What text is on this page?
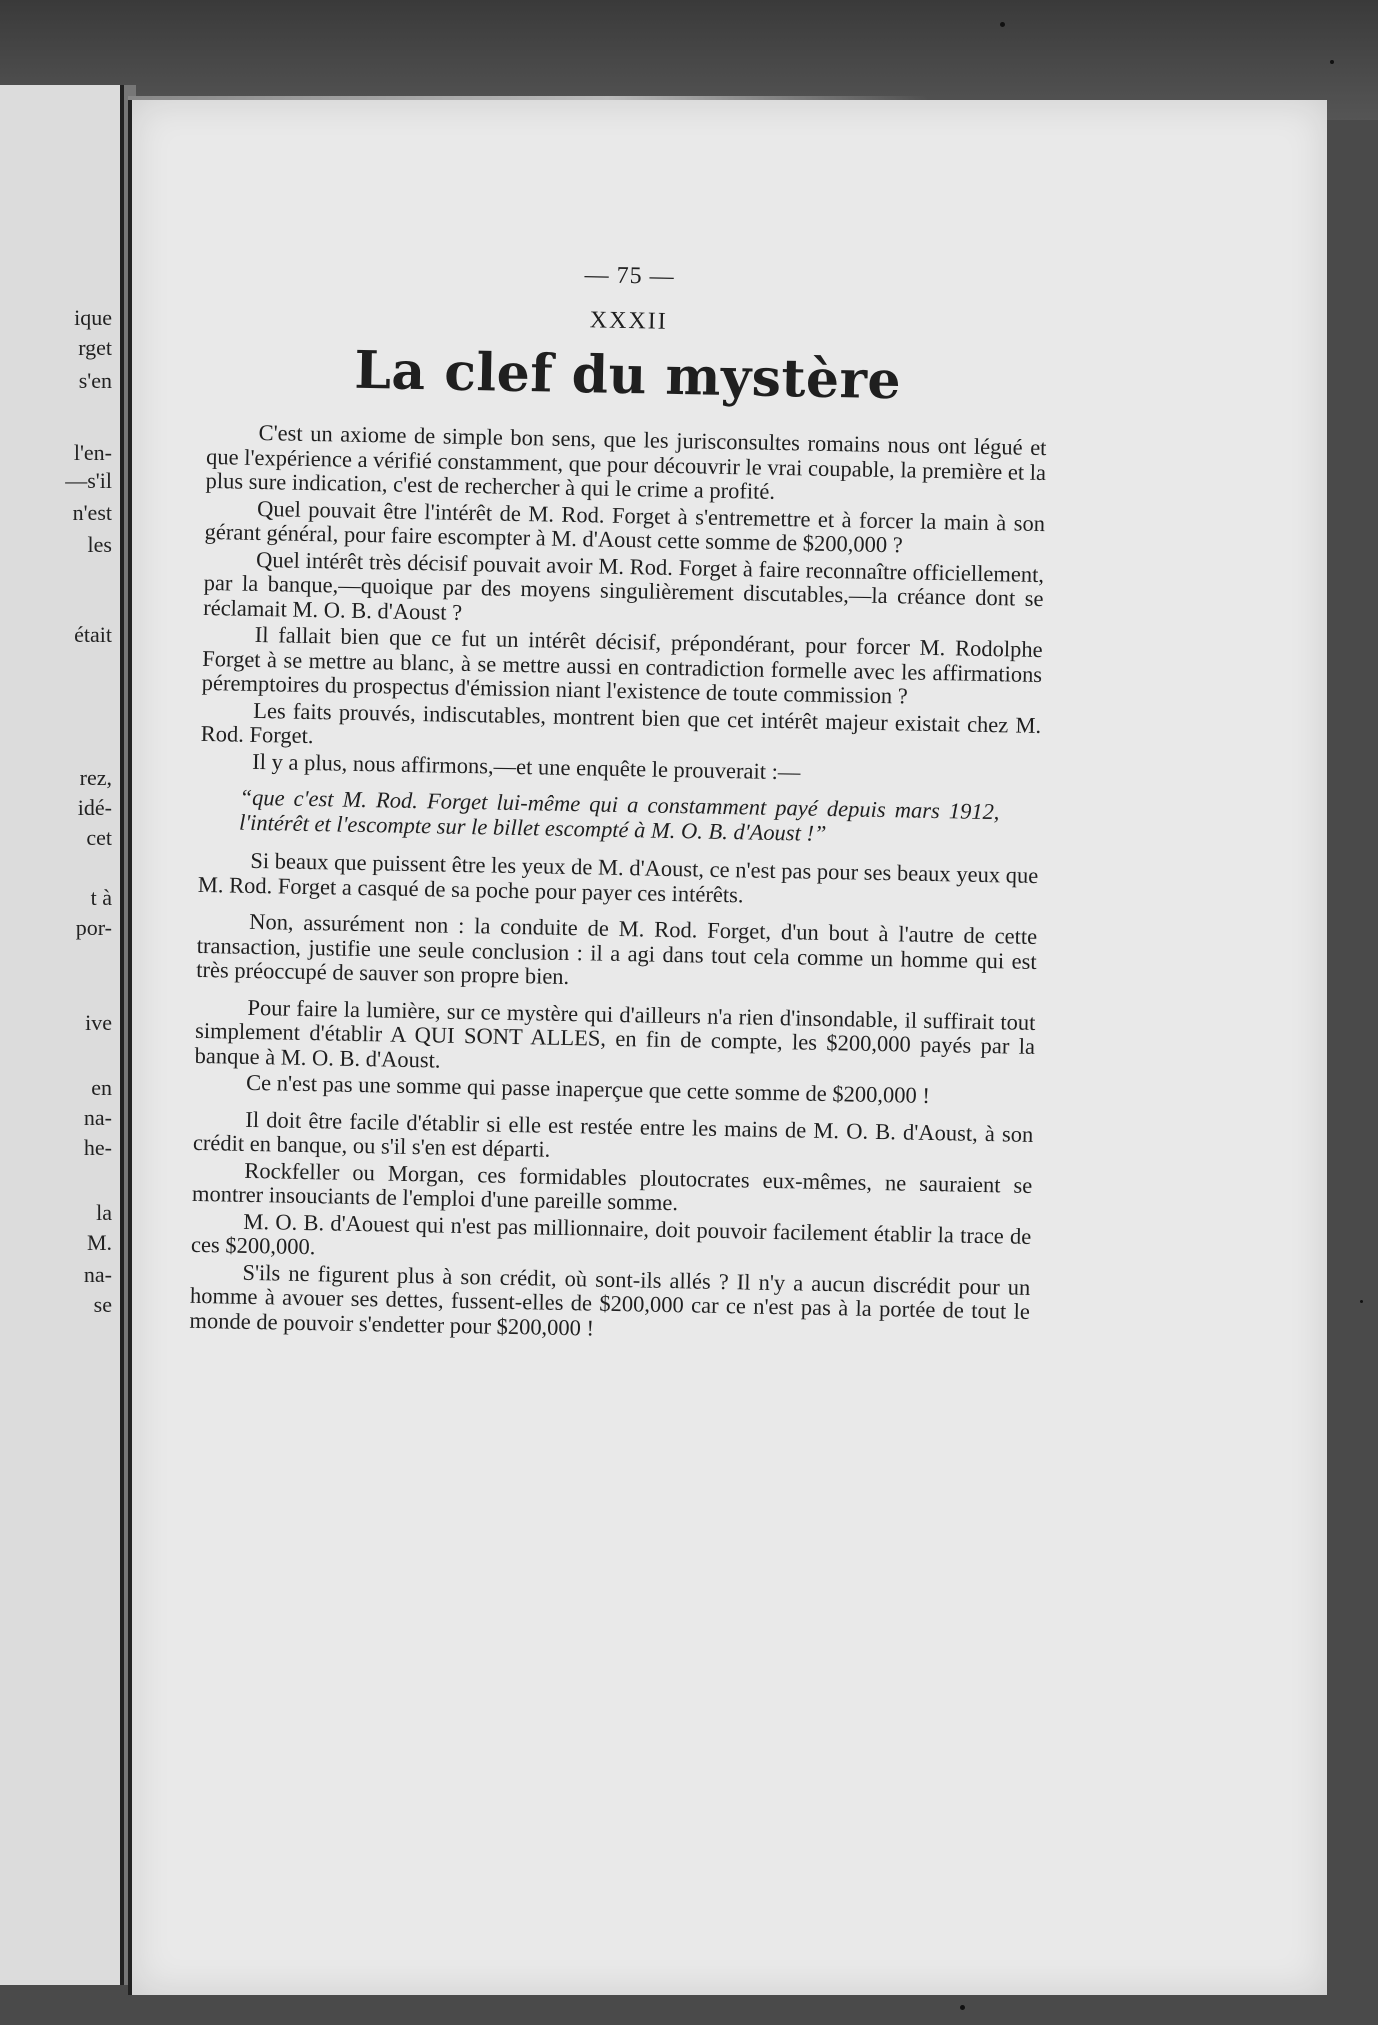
ique
rget
s'en
l'en-
—s'il
n'est
les
était
rez,
idé-
cet
t à
por-
ive
en
na-
he-
la
M.
na-
se
— 75 —
XXXII
La clef du mystère

C'est un axiome de simple bon sens, que les jurisconsultes romains nous ont légué et que l'expérience a vérifié constamment, que pour découvrir le vrai coupable, la première et la plus sure indication, c'est de rechercher à qui le crime a profité.

Quel pouvait être l'intérêt de M. Rod. Forget à s'entremettre et à forcer la main à son gérant général, pour faire escompter à M. d'Aoust cette somme de $200,000 ?

Quel intérêt très décisif pouvait avoir M. Rod. Forget à faire reconnaître officiellement, par la banque,—quoique par des moyens singulièrement discutables,—la créance dont se réclamait M. O. B. d'Aoust ?

Il fallait bien que ce fut un intérêt décisif, prépondérant, pour forcer M. Rodolphe Forget à se mettre au blanc, à se mettre aussi en contradiction formelle avec les affirmations péremptoires du prospectus d'émission niant l'existence de toute commission ?

Les faits prouvés, indiscutables, montrent bien que cet intérêt majeur existait chez M. Rod. Forget.

Il y a plus, nous affirmons,—et une enquête le prouverait :—

“que c'est M. Rod. Forget lui-même qui a constamment payé depuis mars 1912, l'intérêt et l'escompte sur le billet escompté à M. O. B. d'Aoust !”

Si beaux que puissent être les yeux de M. d'Aoust, ce n'est pas pour ses beaux yeux que M. Rod. Forget a casqué de sa poche pour payer ces intérêts.

Non, assurément non : la conduite de M. Rod. Forget, d'un bout à l'autre de cette transaction, justifie une seule conclusion : il a agi dans tout cela comme un homme qui est très préoccupé de sauver son propre bien.

Pour faire la lumière, sur ce mystère qui d'ailleurs n'a rien d'insondable, il suffirait tout simplement d'établir A QUI SONT ALLES, en fin de compte, les $200,000 payés par la banque à M. O. B. d'Aoust.

Ce n'est pas une somme qui passe inaperçue que cette somme de $200,000 !

Il doit être facile d'établir si elle est restée entre les mains de M. O. B. d'Aoust, à son crédit en banque, ou s'il s'en est départi.

Rockfeller ou Morgan, ces formidables ploutocrates eux-mêmes, ne sauraient se montrer insouciants de l'emploi d'une pareille somme.

M. O. B. d'Aouest qui n'est pas millionnaire, doit pouvoir facilement établir la trace de ces $200,000.

S'ils ne figurent plus à son crédit, où sont-ils allés ? Il n'y a aucun discrédit pour un homme à avouer ses dettes, fussent-elles de $200,000 car ce n'est pas à la portée de tout le monde de pouvoir s'endetter pour $200,000 !
